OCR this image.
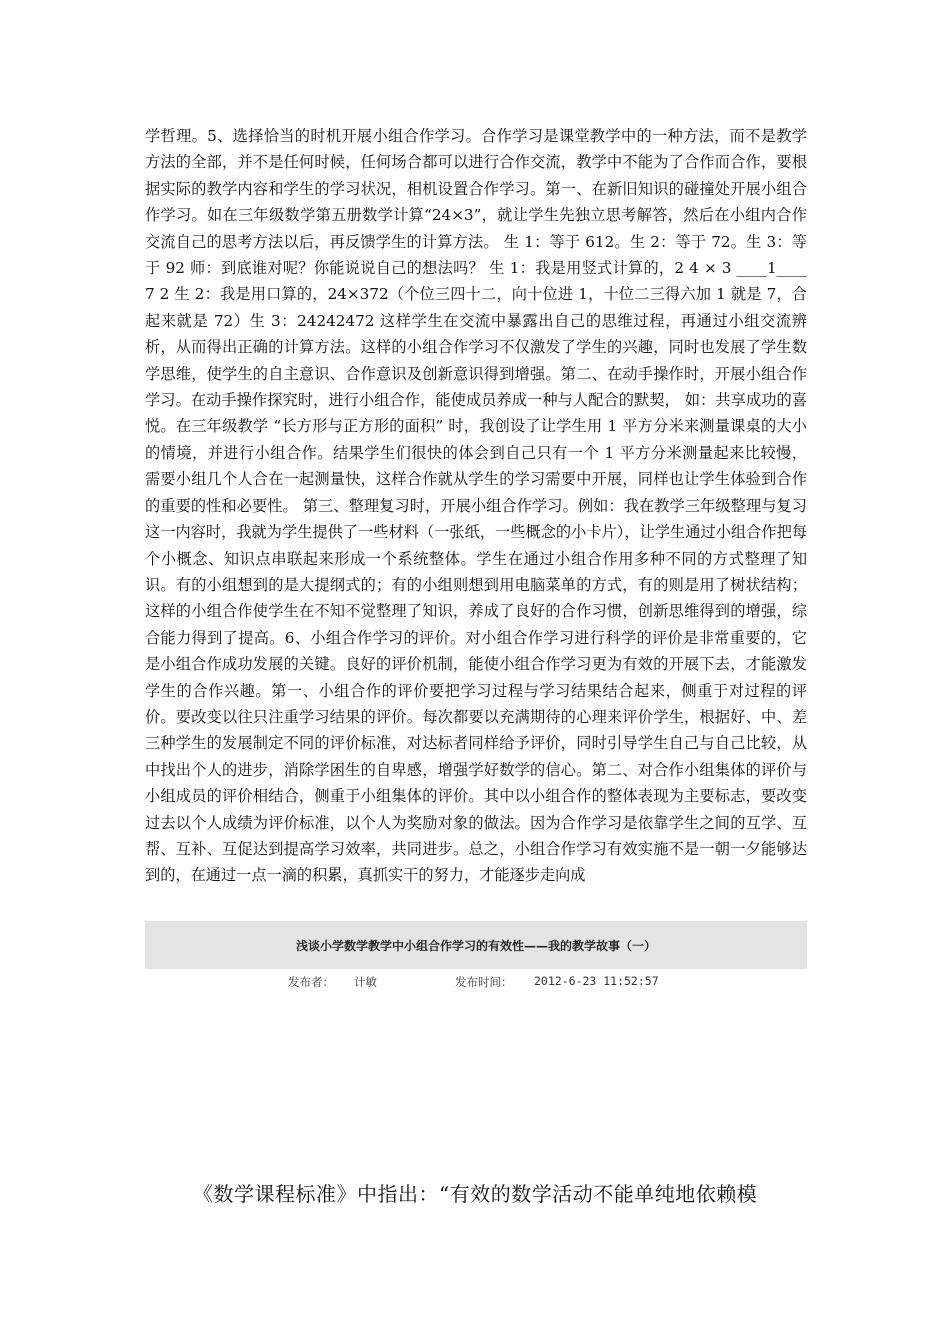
学哲理。5、选择恰当的时机开展小组合作学习。合作学习是课堂教学中的一种方法，而不是教学方法的全部，并不是任何时候，任何场合都可以进行合作交流，教学中不能为了合作而合作，要根据实际的教学内容和学生的学习状况，相机设置合作学习。第一、在新旧知识的碰撞处开展小组合作学习。如在三年级数学第五册数学计算“24×3”，就让学生先独立思考解答，然后在小组内合作交流自己的思考方法以后，再反馈学生的计算方法。 生 1：等于 612。生 2：等于 72。生 3：等于 92 师：到底谁对呢？你能说说自己的想法吗？ 生 1：我是用竖式计算的，2 4 × 3 ____1____ 7 2 生 2：我是用口算的，24×372（个位三四十二，向十位进 1，十位二三得六加 1 就是 7，合起来就是 72）生 3：24242472 这样学生在交流中暴露出自己的思维过程，再通过小组交流辨析，从而得出正确的计算方法。这样的小组合作学习不仅激发了学生的兴趣，同时也发展了学生数学思维，使学生的自主意识、合作意识及创新意识得到增强。第二、在动手操作时，开展小组合作学习。在动手操作探究时，进行小组合作，能使成员养成一种与人配合的默契， 如：共享成功的喜悦。在三年级教学 “长方形与正方形的面积” 时，我创设了让学生用 1 平方分米来测量课桌的大小的情境，并进行小组合作。结果学生们很快的体会到自己只有一个 1 平方分米测量起来比较慢， 需要小组几个人合在一起测量快，这样合作就从学生的学习需要中开展，同样也让学生体验到合作的重要的性和必要性。 第三、整理复习时，开展小组合作学习。例如：我在教学三年级整理与复习这一内容时，我就为学生提供了一些材料（一张纸，一些概念的小卡片），让学生通过小组合作把每个小概念、知识点串联起来形成一个系统整体。学生在通过小组合作用多种不同的方式整理了知识。有的小组想到的是大提纲式的；有的小组则想到用电脑菜单的方式，有的则是用了树状结构；这样的小组合作使学生在不知不觉整理了知识，养成了良好的合作习惯，创新思维得到的增强，综合能力得到了提高。6、小组合作学习的评价。对小组合作学习进行科学的评价是非常重要的，它是小组合作成功发展的关键。良好的评价机制，能使小组合作学习更为有效的开展下去，才能激发学生的合作兴趣。第一、小组合作的评价要把学习过程与学习结果结合起来，侧重于对过程的评价。要改变以往只注重学习结果的评价。每次都要以充满期待的心理来评价学生，根据好、中、差三种学生的发展制定不同的评价标准，对达标者同样给予评价，同时引导学生自己与自己比较，从中找出个人的进步，消除学困生的自卑感，增强学好数学的信心。第二、对合作小组集体的评价与小组成员的评价相结合，侧重于小组集体的评价。其中以小组合作的整体表现为主要标志，要改变过去以个人成绩为评价标准，以个人为奖励对象的做法。因为合作学习是依靠学生之间的互学、互帮、互补、互促达到提高学习效率，共同进步。总之，小组合作学习有效实施不是一朝一夕能够达到的，在通过一点一滴的积累，真抓实干的努力，才能逐步走向成
浅谈小学数学教学中小组合作学习的有效性——我的教学故事（一）
发布者： 计敏	发布时间： 2012-6-23 11:52:57
《数学课程标准》中指出：“有效的数学活动不能单纯地依赖模
